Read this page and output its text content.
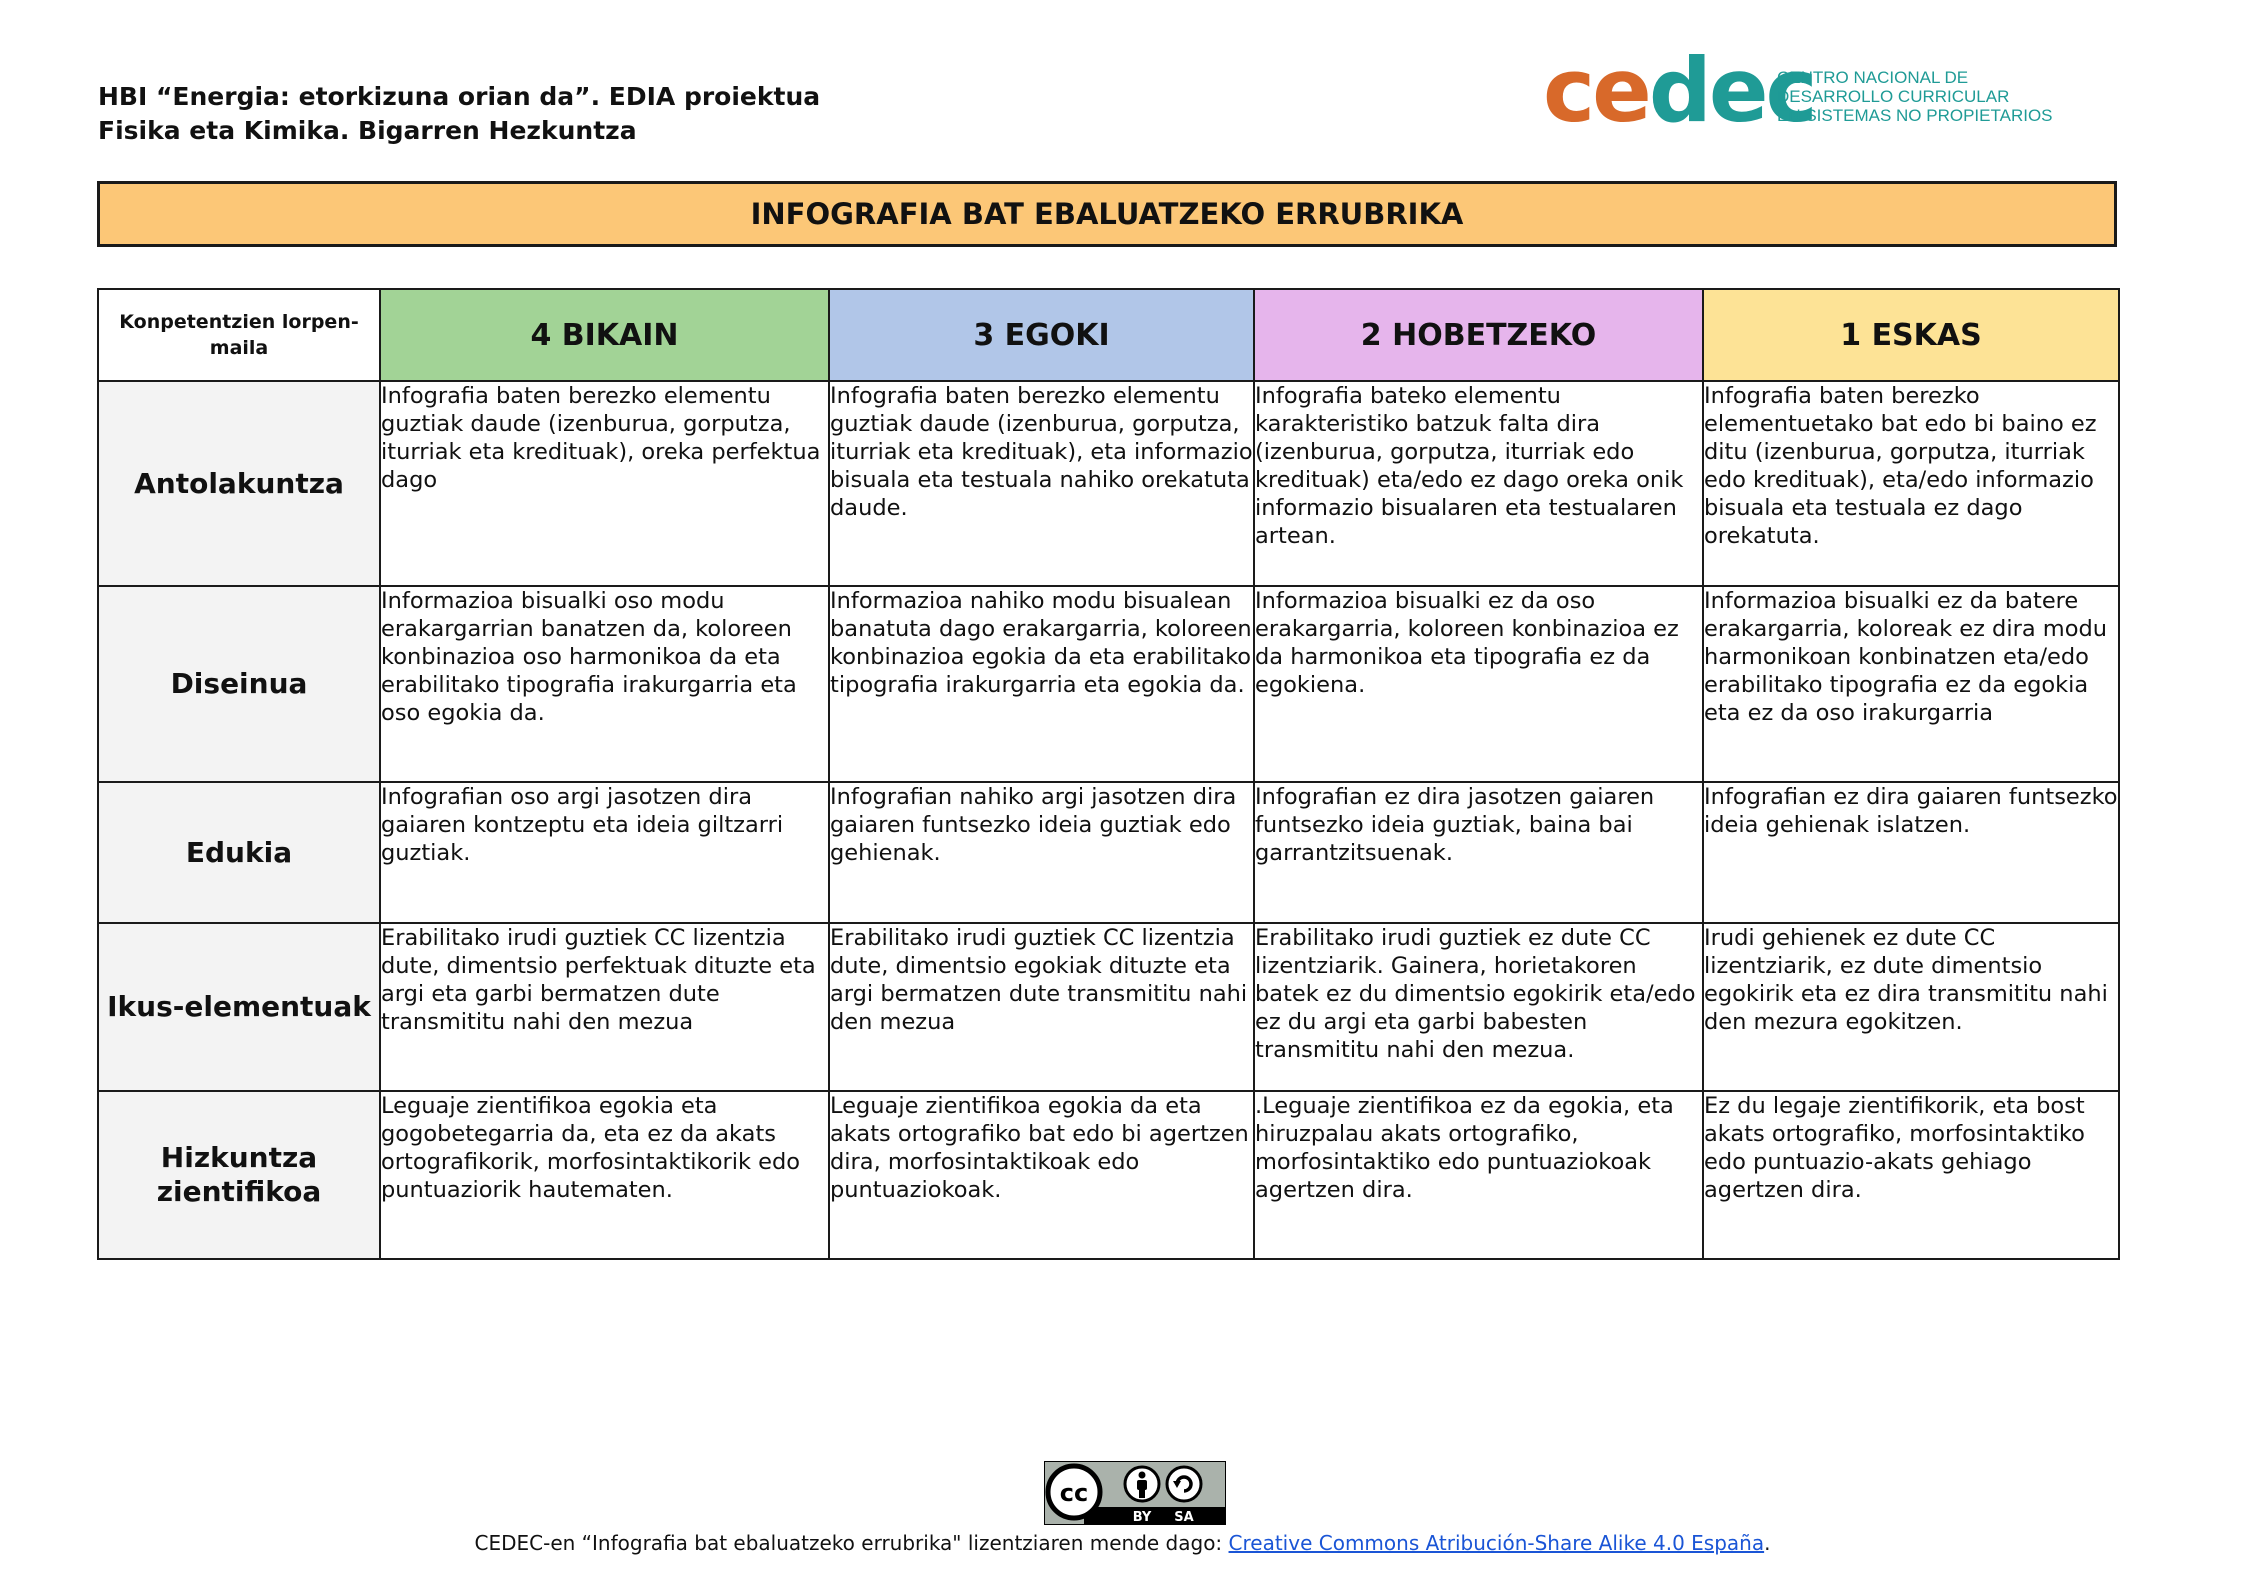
HBI “Energia: etorkizuna orian da”. EDIA proiektua
Fisika eta Kimika. Bigarren Hezkuntza	cedec
CENTRO NACIONAL DE
DESARROLLO CURRICULAR
EN SISTEMAS NO PROPIETARIOS
INFOGRAFIA BAT EBALUATZEKO ERRUBRIKA
Konpetentzien lorpen-maila	4 BIKAIN	3 EGOKI	2 HOBETZEKO	1 ESKAS
Antolakuntza	Infografia baten berezko elementu guztiak daude (izenburua, gorputza, iturriak eta kredituak), oreka perfektua dago	Infografia baten berezko elementu guztiak daude (izenburua, gorputza, iturriak eta kredituak), eta informazio bisuala eta testuala nahiko orekatuta daude.	Infografia bateko elementu karakteristiko batzuk falta dira (izenburua, gorputza, iturriak edo kredituak) eta/edo ez dago oreka onik informazio bisualaren eta testualaren artean.	Infografia baten berezko elementuetako bat edo bi baino ez ditu (izenburua, gorputza, iturriak edo kredituak), eta/edo informazio bisuala eta testuala ez dago orekatuta.
Diseinua	Informazioa bisualki oso modu erakargarrian banatzen da, koloreen konbinazioa oso harmonikoa da eta erabilitako tipografia irakurgarria eta oso egokia da.	Informazioa nahiko modu bisualean banatuta dago erakargarria, koloreen konbinazioa egokia da eta erabilitako tipografia irakurgarria eta egokia da.	Informazioa bisualki ez da oso erakargarria, koloreen konbinazioa ez da harmonikoa eta tipografia ez da egokiena.	Informazioa bisualki ez da batere erakargarria, koloreak ez dira modu harmonikoan konbinatzen eta/edo erabilitako tipografia ez da egokia eta ez da oso irakurgarria
Edukia	Infografian oso argi jasotzen dira gaiaren kontzeptu eta ideia giltzarri guztiak.	Infografian nahiko argi jasotzen dira gaiaren funtsezko ideia guztiak edo gehienak.	Infografian ez dira jasotzen gaiaren funtsezko ideia guztiak, baina bai garrantzitsuenak.	Infografian ez dira gaiaren funtsezko ideia gehienak islatzen.
Ikus-elementuak	Erabilitako irudi guztiek CC lizentzia dute, dimentsio perfektuak dituzte eta argi eta garbi bermatzen dute transmititu nahi den mezua	Erabilitako irudi guztiek CC lizentzia dute, dimentsio egokiak dituzte eta argi bermatzen dute transmititu nahi den mezua	Erabilitako irudi guztiek ez dute CC lizentziarik. Gainera, horietakoren batek ez du dimentsio egokirik eta/edo ez du argi eta garbi babesten transmititu nahi den mezua.	Irudi gehienek ez dute CC lizentziarik, ez dute dimentsio egokirik eta ez dira transmititu nahi den mezura egokitzen.
Hizkuntza zientifikoa	Leguaje zientifikoa egokia eta gogobetegarria da, eta ez da akats ortografikorik, morfosintaktikorik edo puntuaziorik hautematen.	Leguaje zientifikoa egokia da eta akats ortografiko bat edo bi agertzen dira, morfosintaktikoak edo puntuaziokoak.	.Leguaje zientifikoa ez da egokia, eta hiruzpalau akats ortografiko, morfosintaktiko edo puntuaziokoak agertzen dira.	Ez du legaje zientifikorik, eta bost akats ortografiko, morfosintaktiko edo puntuazio-akats gehiago agertzen dira.
cc
BY SA
CEDEC-en “Infografia bat ebaluatzeko errubrika" lizentziaren mende dago: Creative Commons Atribución-Share Alike 4.0 España.
